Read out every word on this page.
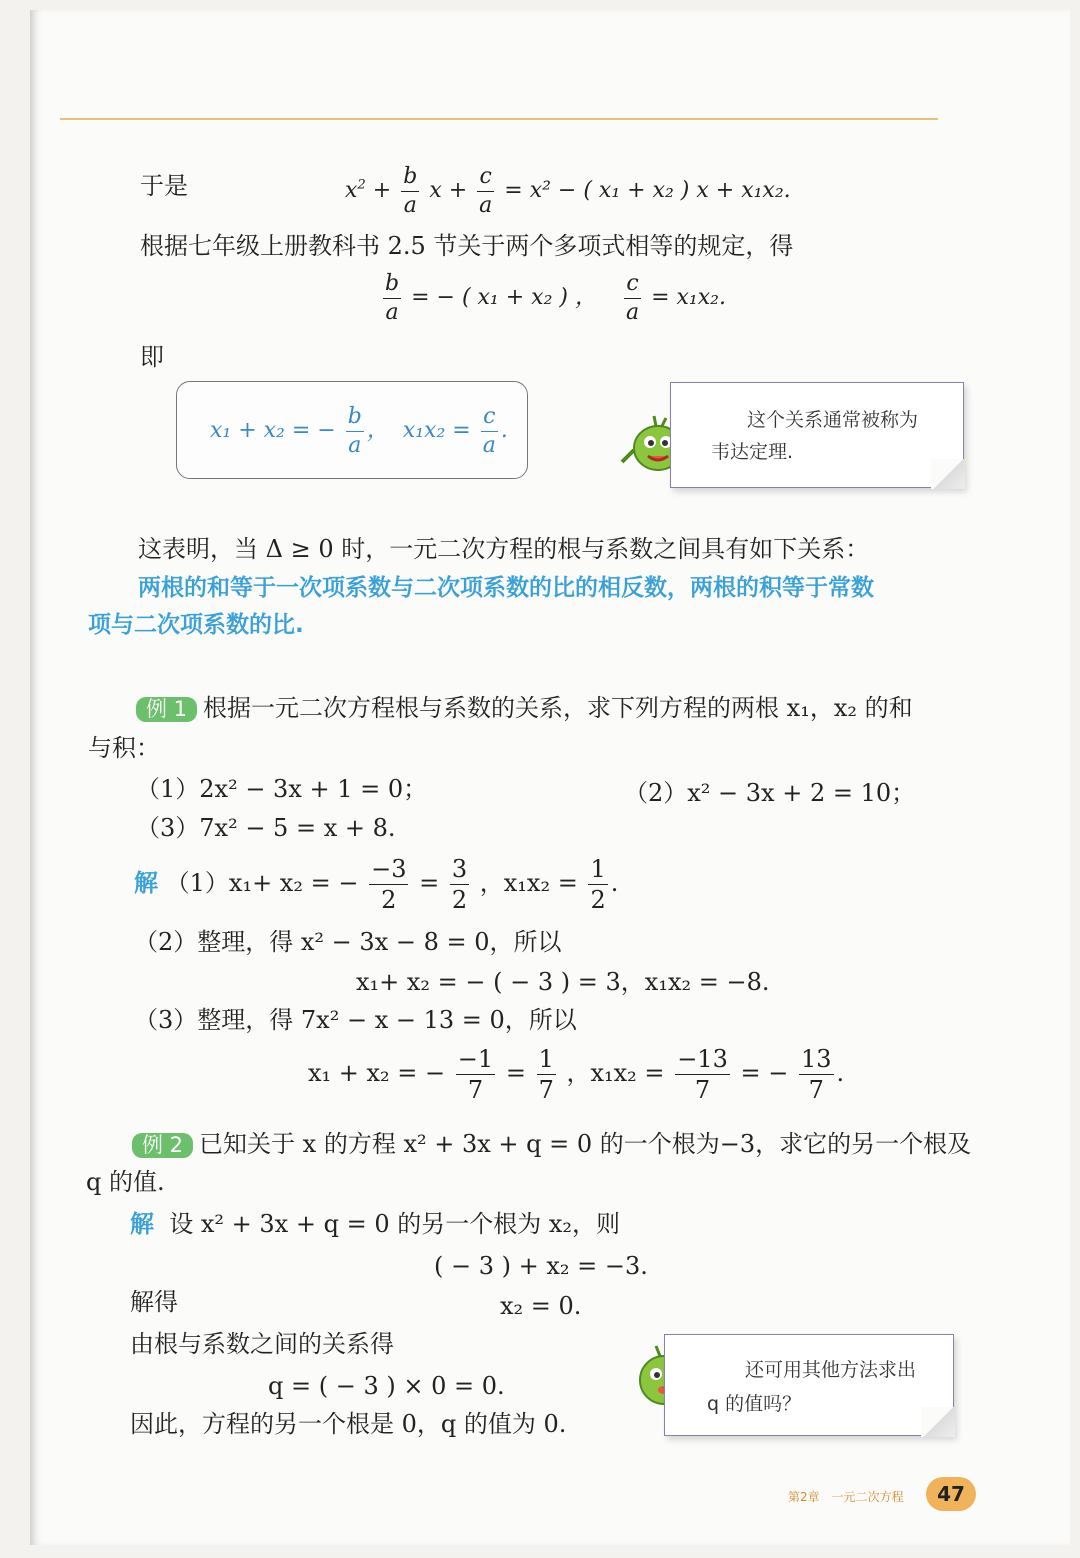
于是	$x^2 + \frac{b}{a}$ $x + \frac{c}{a} = x^2$ − ( x₁ + x₂ ) x + x₁x₂.
根据七年级上册教科书 2.5 节关于两个多项式相等的规定，得
$\frac{b}{a}$ = − ( x₁ + x₂ ) ， $\frac{c}{a} = x_1x_2$.
即
x₁ + x₂ = − $\frac{b}{a}$ ，  $x_1x_2 = \frac{c}{a}$ .	这个关系通常被称为
韦达定理.
这表明，当 Δ ≥ 0 时，一元二次方程的根与系数之间具有如下关系：
两根的和等于一次项系数与二次项系数的比的相反数，两根的积等于常数
项与二次项系数的比.
例 1 根据一元二次方程根与系数的关系，求下列方程的两根 x₁，x₂ 的和
与积：
（1）2x² − 3x + 1 = 0；	（2）x² − 3x + 2 = 10；
（3）7x² − 5 = x + 8.
解 （1）x₁+ x₂ = − $\frac{-3}{2} = \frac{3}{2}$ ，$x_1x_2 = \frac{1}{2}$ .
（2）整理，得 x² − 3x − 8 = 0，所以
x₁+ x₂ = − ( − 3 ) = 3，x₁x₂ = −8.
（3）整理，得 7x² − x − 13 = 0，所以
x₁ + x₂ = − $\frac{-1}{7} = \frac{1}{7}$ ，$x_1x_2 = \frac{-13}{7}$ = − $\frac{13}{7}$ .
例 2 已知关于 x 的方程 x² + 3x + q = 0 的一个根为−3，求它的另一个根及
q 的值.
解 设 x² + 3x + q = 0 的另一个根为 x₂，则
( − 3 ) + x₂ = −3.
解得	x₂ = 0.
由根与系数之间的关系得
q = ( − 3 ) × 0 = 0.
因此，方程的另一个根是 0，q 的值为 0.
还可用其他方法求出
q 的值吗？
第2章　一元二次方程	47
